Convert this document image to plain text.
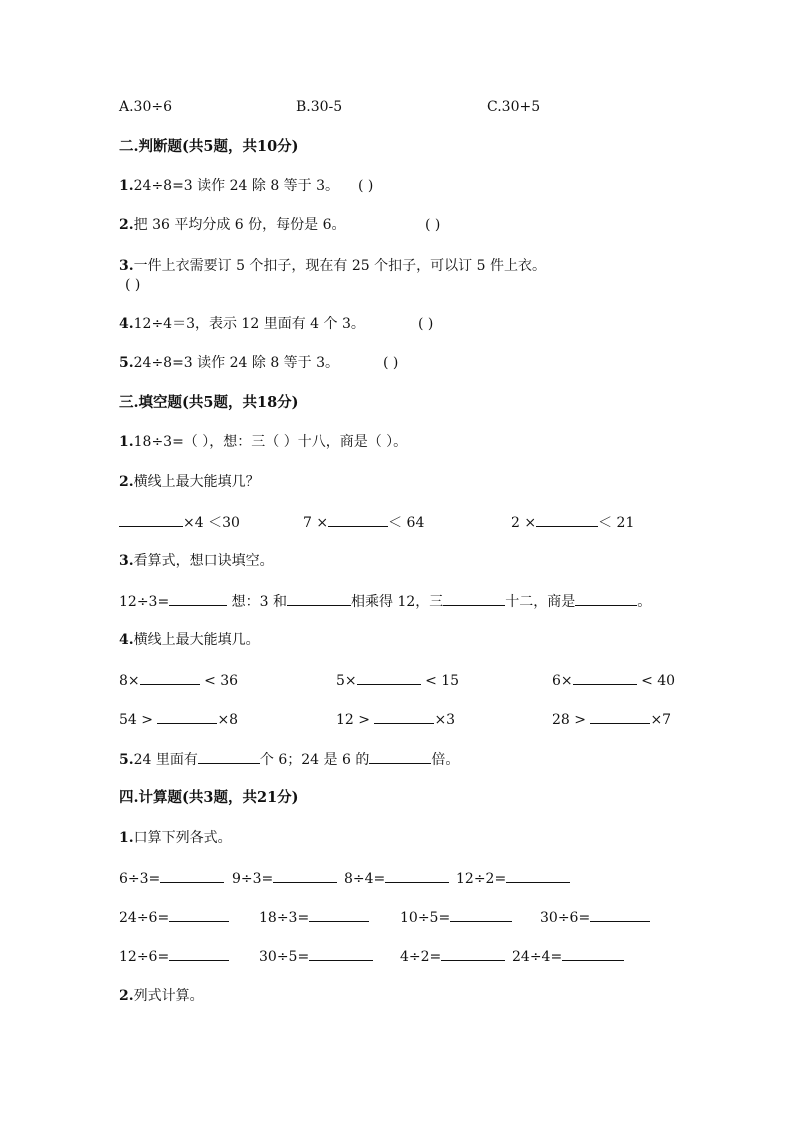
A.30÷6	B.30-5	C.30+5
二.判断题(共5题，共10分)
1.24÷8=3 读作 24 除 8 等于 3。 ( )
2.把 36 平均分成 6 份，每份是 6。	( )
3.一件上衣需要订 5 个扣子，现在有 25 个扣子，可以订 5 件上衣。
( )
4.12÷4＝3，表示 12 里面有 4 个 3。	( )
5.24÷8=3 读作 24 除 8 等于 3。	( )
三.填空题(共5题，共18分)
1.18÷3=（ ），想：三（ ）十八，商是（ ）。
2.横线上最大能填几？
×4 ＜30	7 ×	＜ 64	2 ×	＜ 21
3.看算式，想口诀填空。
12÷3=	想：3 和	相乘得 12，三	十二，商是	。
4.横线上最大能填几。
8×	< 36	5×	< 15	6×	< 40
54 >	×8	12 >	×3	28 >	×7
5.24 里面有	个 6；24 是 6 的	倍。
四.计算题(共3题，共21分)
1.口算下列各式。
6÷3=	9÷3=	8÷4=	12÷2=
24÷6=	18÷3=	10÷5=	30÷6=
12÷6=	30÷5=	4÷2=	24÷4=
2.列式计算。
